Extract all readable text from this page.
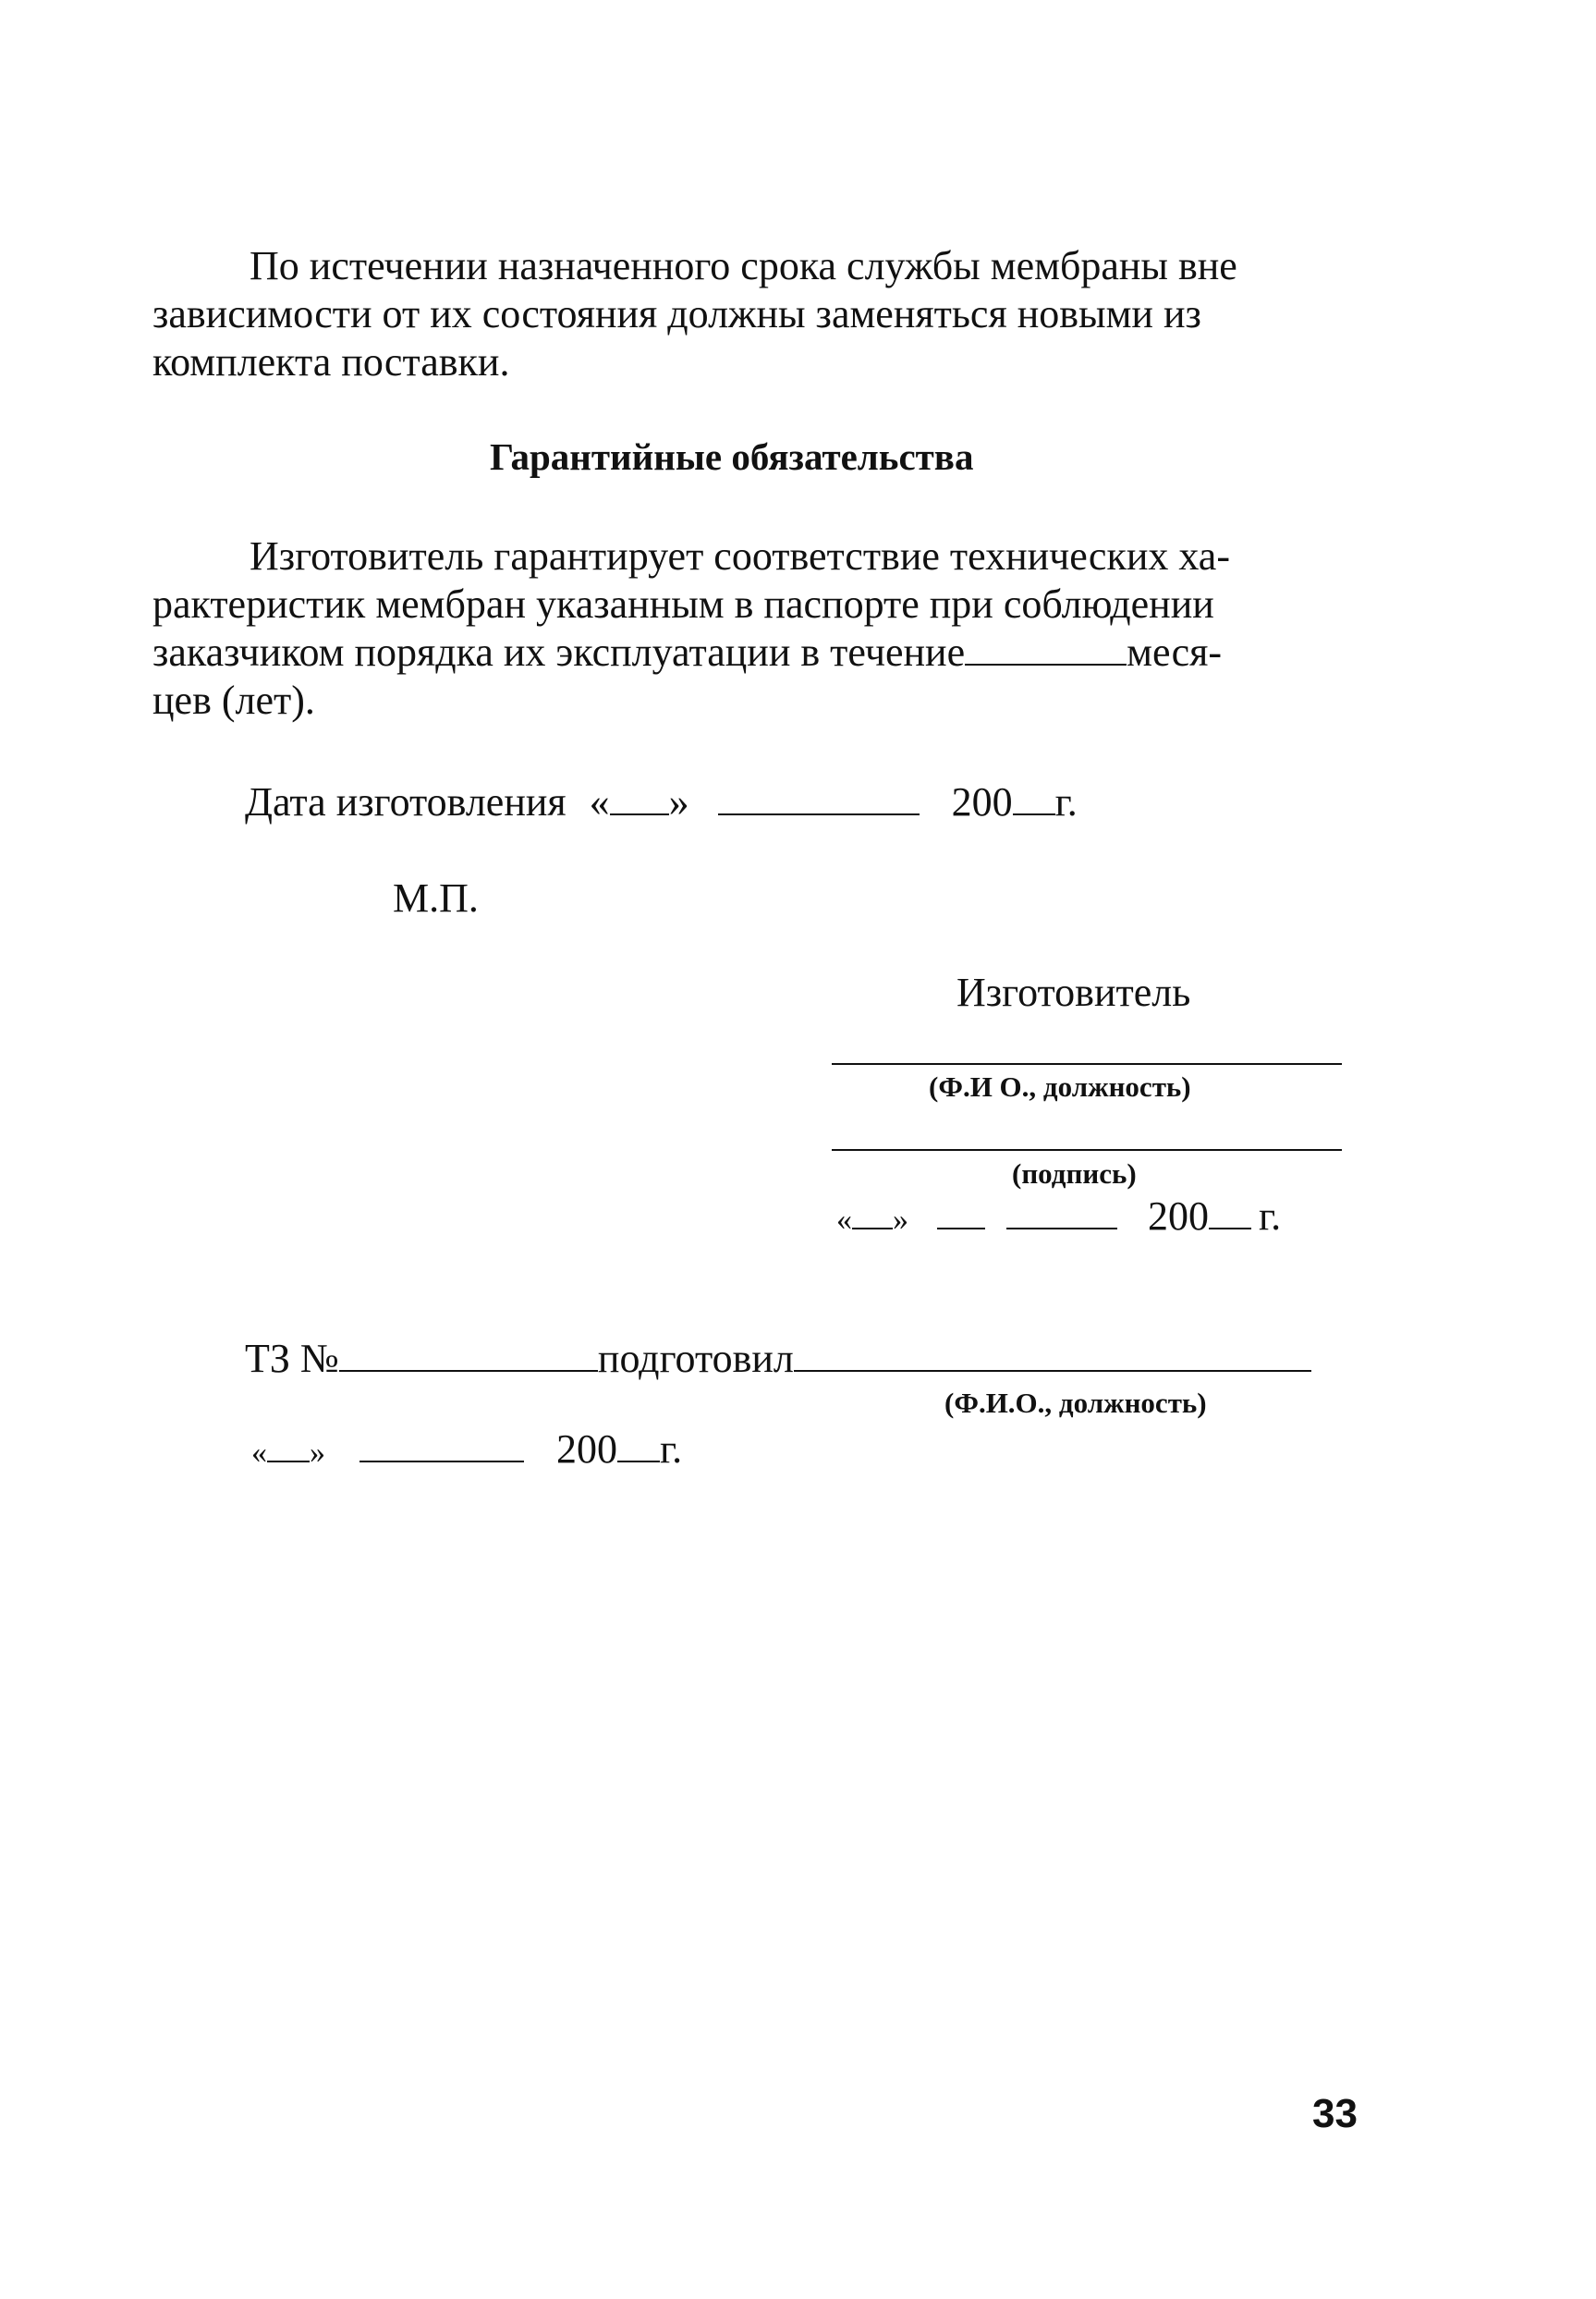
По истечении назначенного срока службы мембраны вне
зависимости от их состояния должны заменяться новыми из
комплекта поставки.
Гарантийные обязательства
Изготовитель гарантирует соответствие технических ха-
рактеристик мембран указанным в паспорте при соблюдении
заказчиком порядка их эксплуатации в течение	меся-
цев (лет).
Дата изготовления « »	200 г.
М.П.
Изготовитель
(Ф.И О., должность)
(подпись)
« »	200 г.
ТЗ №	подготовил
(Ф.И.О., должность)
« »	200 г.
33
